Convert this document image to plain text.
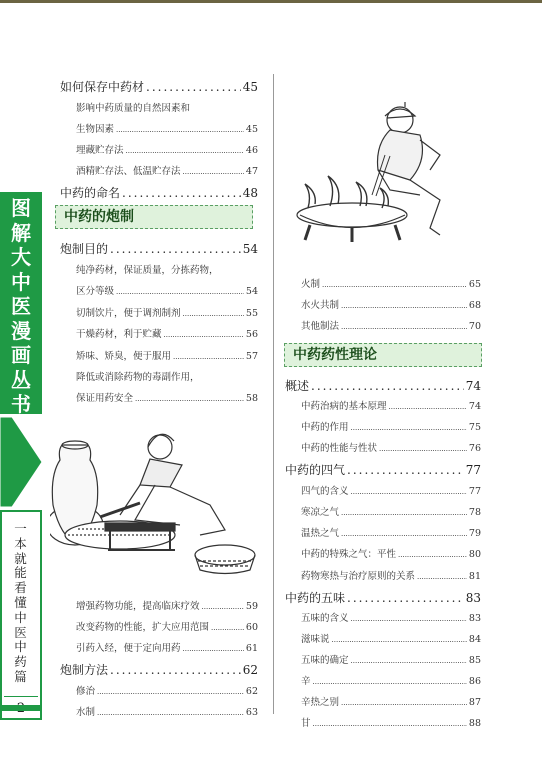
图解大中医漫画丛书
一本就能看懂中医中药篇
如何保存中药材 .....	45
影响中药质量的自然因素和
生物因素 .....	45
埋藏贮存法 .....	46
酒精贮存法、低温贮存法 .....	47
中药的命名 .....	48
中药的炮制
炮制目的 .....	54
纯净药材，保证质量，分拣药物，
区分等级 .....	54
切制饮片，便于调剂制剂 .....	55
干燥药材，利于贮藏 .....	56
矫味、矫臭，便于服用 .....	57
降低或消除药物的毒副作用，
保证用药安全 .....	58
增强药物功能，提高临床疗效 .....	59
改变药物的性能，扩大应用范围 .....	60
引药入经，便于定向用药 .....	61
炮制方法 .....	62
修治 .....	62
水制 .....	63
火制 .....	65
水火共制 .....	68
其他制法 .....	70
中药药性理论
概述 .....	74
中药治病的基本原理 .....	74
中药的作用 .....	75
中药的性能与性状 .....	76
中药的四气 .....	77
四气的含义 .....	77
寒凉之气 .....	78
温热之气 .....	79
中药的特殊之气：平性 .....	80
药物寒热与治疗原则的关系 .....	81
中药的五味 .....	83
五味的含义 .....	83
滋味说 .....	84
五味的确定 .....	85
辛 .....	86
辛热之别 .....	87
甘 .....	88
